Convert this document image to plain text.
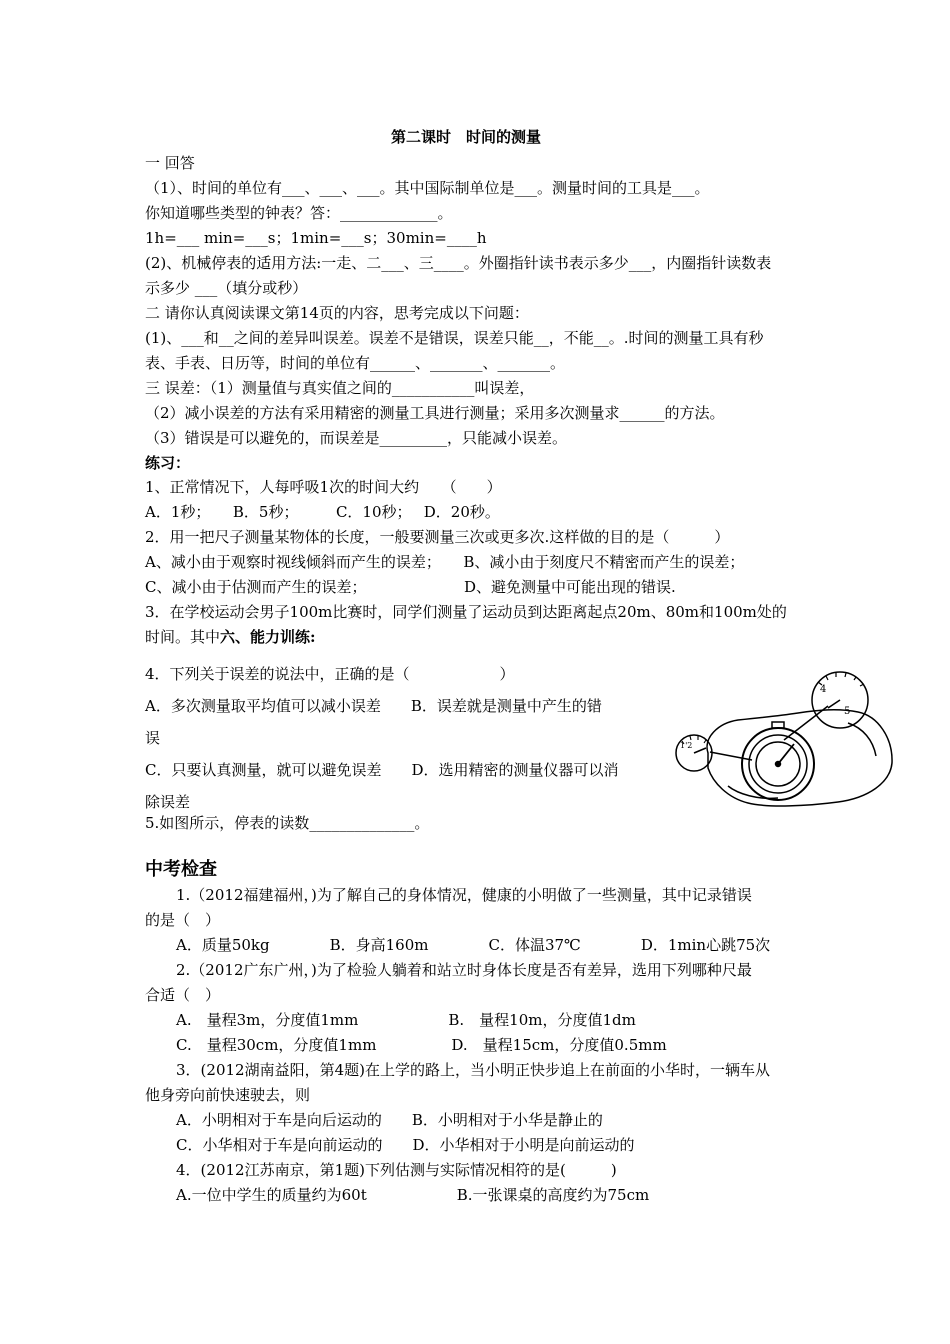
第二课时　时间的测量
一 回答
（1）、时间的单位有___、___、___。其中国际制单位是___。测量时间的工具是___。
你知道哪些类型的钟表？答：_____________。
1h=___ min=___s；1min=___s；30min=____h
(2)、机械停表的适用方法:一走、二___、三____。外圈指针读书表示多少___，内圈指针读数表
示多少 ___（填分或秒）
二 请你认真阅读课文第14页的内容，思考完成以下问题：
(1)、___和__之间的差异叫误差。误差不是错误，误差只能__，不能__。.时间的测量工具有秒
表、手表、日历等，时间的单位有______、_______、_______。
三 误差：（1）测量值与真实值之间的___________叫误差，
（2）减小误差的方法有采用精密的测量工具进行测量；采用多次测量求______的方法。
（3）错误是可以避免的，而误差是_________，只能减小误差。
练习：
1、正常情况下，人每呼吸1次的时间大约　　（　　）
A．1秒；　　B．5秒；　　　C．10秒；　 D．20秒。
2．用一把尺子测量某物体的长度，一般要测量三次或更多次.这样做的目的是（　　　）
A、减小由于观察时视线倾斜而产生的误差；　　B、减小由于刻度尺不精密而产生的误差；
C、减小由于估测而产生的误差；　　　　　　　D、避免测量中可能出现的错误.
3．在学校运动会男子100m比赛时，同学们测量了运动员到达距离起点20m、80m和100m处的
时间。其中六、能力训练:
4．下列关于误差的说法中，正确的是（　　　　　　）
A．多次测量取平均值可以减小误差　　B．误差就是测量中产生的错
误
C．只要认真测量，就可以避免误差　　D．选用精密的测量仪器可以消
除误差
5.如图所示，停表的读数______________。
4
5
1'2
中考检查
1.（2012福建福州，)为了解自己的身体情况，健康的小明做了一些测量，其中记录错误
的是（　）
A．质量50kg　　　　B．身高160m　　　　C．体温37℃　　　　D．1min心跳75次
2.（2012广东广州，)为了检验人躺着和站立时身体长度是否有差异，选用下列哪种尺最
合适（　）
A.　量程3m，分度值1mm　　　　　　B.　量程10m，分度值1dm
C.　量程30cm，分度值1mm　　　　　D.　量程15cm，分度值0.5mm
3．(2012湖南益阳，第4题)在上学的路上，当小明正快步追上在前面的小华时，一辆车从
他身旁向前快速驶去，则
A．小明相对于车是向后运动的　　B．小明相对于小华是静止的
C．小华相对于车是向前运动的　　D．小华相对于小明是向前运动的
4．(2012江苏南京，第1题)下列估测与实际情况相符的是(　　　)
A.一位中学生的质量约为60t　　　　　　B.一张课桌的高度约为75cm
